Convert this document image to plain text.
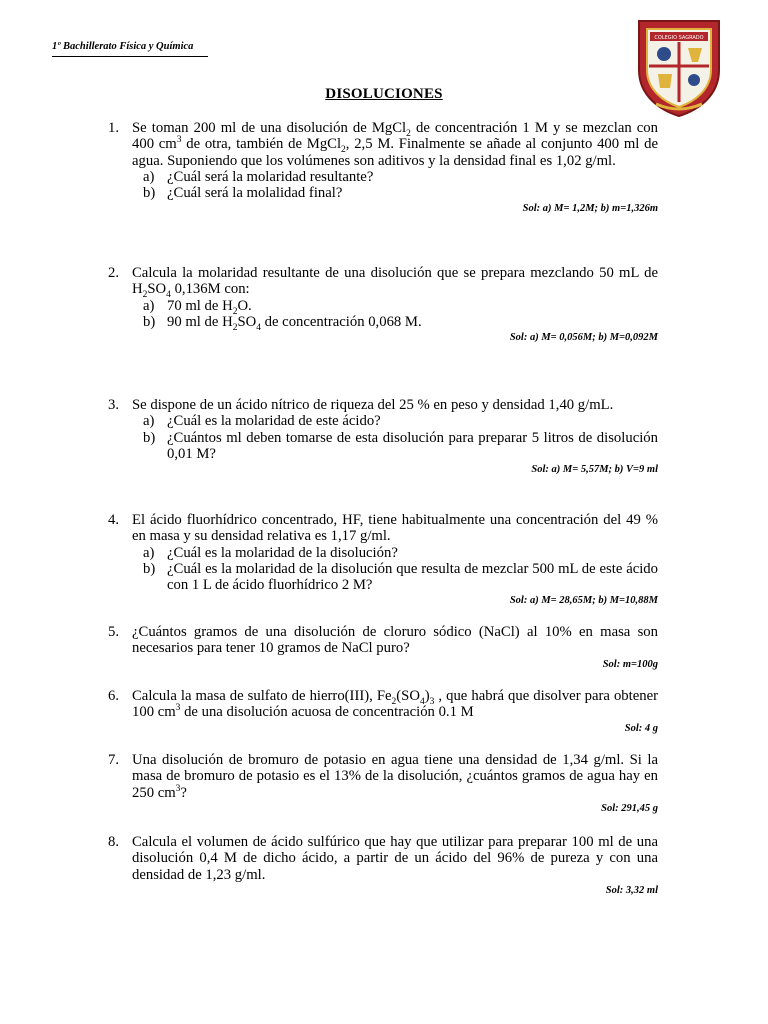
1º Bachillerato Física y Química
COLEGIO SAGRADO
DISOLUCIONES
1. Se toman 200 ml de una disolución de MgCl$_2$ de concentración 1 M y se mezclan con 400 $cm^3$ de otra, también de MgCl$_2$, 2,5 M. Finalmente se añade al conjunto 400 ml de agua. Suponiendo que los volúmenes son aditivos y la densidad final es 1,02 g/ml.
a) ¿Cuál será la molaridad resultante?
b) ¿Cuál será la molalidad final?
Sol: a) M= 1,2M; b) m=1,326m
2. Calcula la molaridad resultante de una disolución que se prepara mezclando 50 mL de $H_2SO_4$ 0,136M con:
a) 70 ml de $H_2O$.
b) 90 ml de $H_2SO_4$ de concentración 0,068 M.
Sol: a) M= 0,056M; b) M=0,092M
3. Se dispone de un ácido nítrico de riqueza del 25 % en peso y densidad 1,40 g/mL.
a) ¿Cuál es la molaridad de este ácido?
b) ¿Cuántos ml deben tomarse de esta disolución para preparar 5 litros de disolución 0,01 M?
Sol: a) M= 5,57M; b) V=9 ml
4. El ácido fluorhídrico concentrado, HF, tiene habitualmente una concentración del 49 % en masa y su densidad relativa es 1,17 g/ml.
a) ¿Cuál es la molaridad de la disolución?
b) ¿Cuál es la molaridad de la disolución que resulta de mezclar 500 mL de este ácido con 1 L de ácido fluorhídrico 2 M?
Sol: a) M= 28,65M; b) M=10,88M
5. ¿Cuántos gramos de una disolución de cloruro sódico (NaCl) al 10% en masa son necesarios para tener 10 gramos de NaCl puro?
Sol: m=100g
6. Calcula la masa de sulfato de hierro(III), $Fe_2(SO_4)_3$ , que habrá que disolver para obtener 100 $cm^3$ de una disolución acuosa de concentración 0.1 M
Sol: 4 g
7. Una disolución de bromuro de potasio en agua tiene una densidad de 1,34 g/ml. Si la masa de bromuro de potasio es el 13% de la disolución, ¿cuántos gramos de agua hay en 250 $cm^3$?
Sol: 291,45 g
8. Calcula el volumen de ácido sulfúrico que hay que utilizar para preparar 100 ml de una disolución 0,4 M de dicho ácido, a partir de un ácido del 96% de pureza y con una densidad de 1,23 g/ml.
Sol: 3,32 ml
